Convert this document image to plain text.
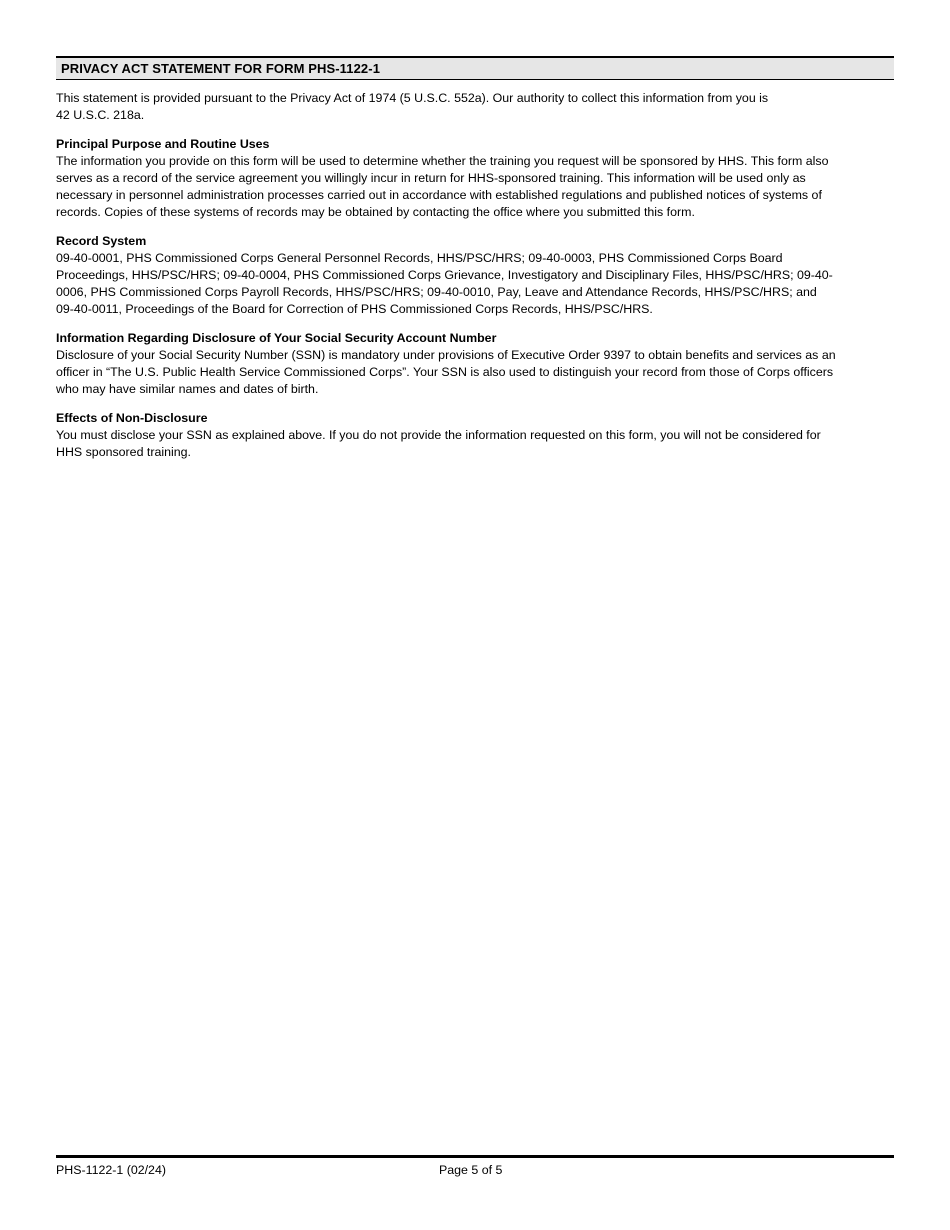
PRIVACY ACT STATEMENT FOR FORM PHS-1122-1
This statement is provided pursuant to the Privacy Act of 1974 (5 U.S.C. 552a). Our authority to collect this information from you is
42 U.S.C. 218a.
Principal Purpose and Routine Uses
The information you provide on this form will be used to determine whether the training you request will be sponsored by HHS. This form also
serves as a record of the service agreement you willingly incur in return for HHS-sponsored training. This information will be used only as
necessary in personnel administration processes carried out in accordance with established regulations and published notices of systems of
records. Copies of these systems of records may be obtained by contacting the office where you submitted this form.
Record System
09-40-0001, PHS Commissioned Corps General Personnel Records, HHS/PSC/HRS; 09-40-0003, PHS Commissioned Corps Board
Proceedings, HHS/PSC/HRS; 09-40-0004, PHS Commissioned Corps Grievance, Investigatory and Disciplinary Files, HHS/PSC/HRS; 09-40-
0006, PHS Commissioned Corps Payroll Records, HHS/PSC/HRS; 09-40-0010, Pay, Leave and Attendance Records, HHS/PSC/HRS; and
09-40-0011, Proceedings of the Board for Correction of PHS Commissioned Corps Records, HHS/PSC/HRS.
Information Regarding Disclosure of Your Social Security Account Number
Disclosure of your Social Security Number (SSN) is mandatory under provisions of Executive Order 9397 to obtain benefits and services as an
officer in “The U.S. Public Health Service Commissioned Corps”. Your SSN is also used to distinguish your record from those of Corps officers
who may have similar names and dates of birth.
Effects of Non-Disclosure
You must disclose your SSN as explained above. If you do not provide the information requested on this form, you will not be considered for
HHS sponsored training.
PHS-1122-1 (02/24)	Page 5 of 5
